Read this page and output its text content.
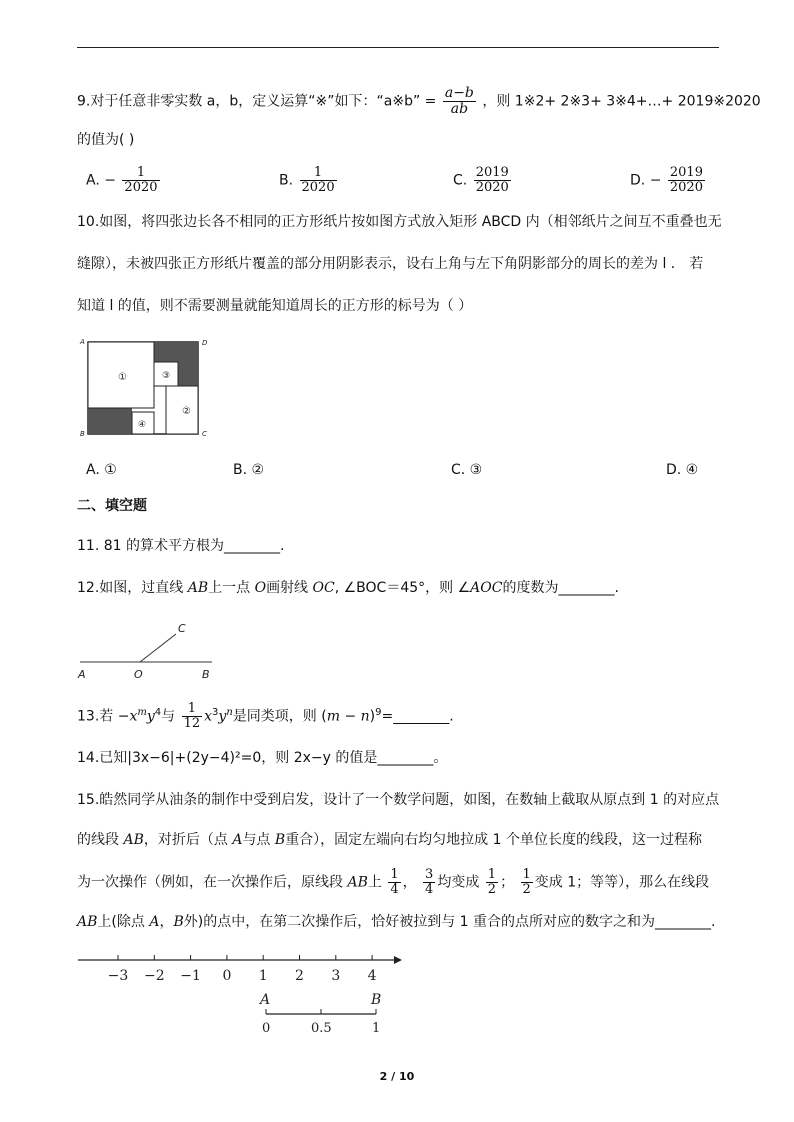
9.对于任意非零实数 a，b，定义运算“※”如下：“a※b” = $\frac{a-b}{ab}$ ，则 1※2+ 2※3+ 3※4+…+ 2019※2020
的值为( )
A. − $\frac{1}{2020}$	B. $\frac{1}{2020}$	C. $\frac{2019}{2020}$	D. − $\frac{2019}{2020}$
10.如图，将四张边长各不相同的正方形纸片按如图方式放入矩形 ABCD 内（相邻纸片之间互不重叠也无
缝隙），未被四张正方形纸片覆盖的部分用阴影表示，设右上角与左下角阴影部分的周长的差为 l ． 若
知道 l 的值，则不需要测量就能知道周长的正方形的标号为（ ）
A	D
B	C
①
②
③
④
A. ①	B. ②	C. ③	D. ④
二、填空题
11. 81 的算术平方根为________.
12.如图，过直线 AB上一点 O画射线 OC, ∠BOC＝45°，则 ∠AOC的度数为________.
A	O	B
C
13.若 $-x^my^4$与 $\frac{1}{12} x^3y^n$是同类项，则 $(m - n)^9=\_\_\_\_\_\_\_\_$.
14.已知|3x−6|+(2y−4)²=0，则 2x−y 的值是________。
15.皓然同学从油条的制作中受到启发，设计了一个数学问题，如图，在数轴上截取从原点到 1 的对应点
的线段 AB，对折后（点 A与点 B重合），固定左端向右均匀地拉成 1 个单位长度的线段，这一过程称
为一次操作（例如，在一次操作后，原线段 AB上 $\frac{1}{4}$ ， $\frac{3}{4}$ 均变成 $\frac{1}{2}$ ； $\frac{1}{2}$ 变成 1；等等），那么在线段
AB上(除点 A，B外)的点中，在第二次操作后，恰好被拉到与 1 重合的点所对应的数字之和为________.
−3 −2 −1 0 1 2 3 4
A	B
0	0.5	1
2 / 10
